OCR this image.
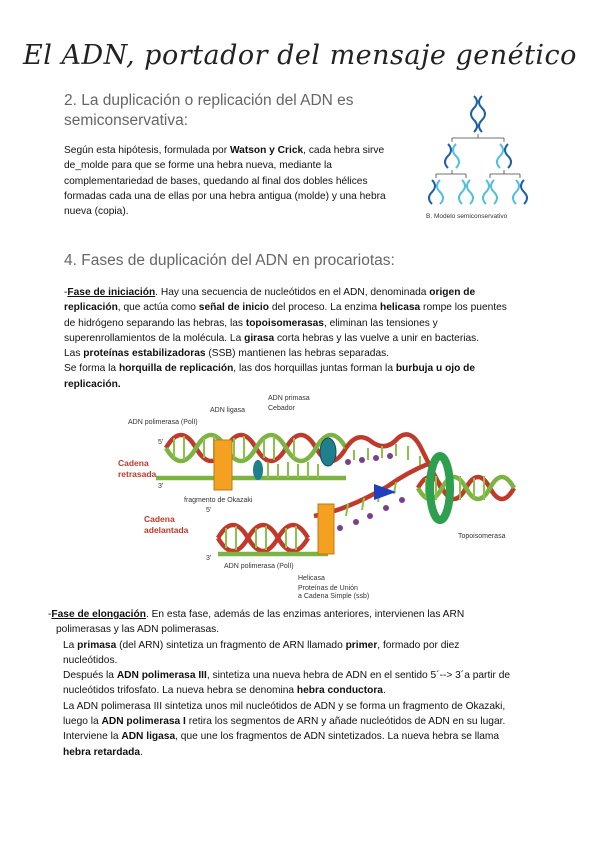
El ADN, portador del mensaje genético
2. La duplicación o replicación del ADN es
semiconservativa:
Según esta hipótesis, formulada por Watson y Crick, cada hebra sirve
de_molde para que se forme una hebra nueva, mediante la
complementariedad de bases, quedando al final dos dobles hélices
formadas cada una de ellas por una hebra antigua (molde) y una hebra
nueva (copia).	B. Modelo semiconservativo
4. Fases de duplicación del ADN en procariotas:
-Fase de iniciación. Hay una secuencia de nucleótidos en el ADN, denominada origen de
replicación, que actúa como señal de inicio del proceso. La enzima helicasa rompe los puentes
de hidrógeno separando las hebras, las topoisomerasas, eliminan las tensiones y
superenrollamientos de la molécula. La girasa corta hebras y las vuelve a unir en bacterias.
Las proteínas estabilizadoras (SSB) mantienen las hebras separadas.
Se forma la horquilla de replicación, las dos horquillas juntas forman la burbuja u ojo de
replicación.
ADN ligasa
ADN primasa
Cebador
ADN polimerasa (PolI)
Cadena
retrasada
5'
3'
fragmento de Okazaki
Cadena
adelantada
5'
3'
ADN polimerasa (PolI)
Helicasa
Proteínas de Unión
a Cadena Simple (ssb)
Topoisomerasa
-Fase de elongación. En esta fase, además de las enzimas anteriores, intervienen las ARN
polimerasas y las ADN polimerasas.
La primasa (del ARN) sintetiza un fragmento de ARN llamado primer, formado por diez
nucleótidos.
Después la ADN polimerasa III, sintetiza una nueva hebra de ADN en el sentido 5´--> 3´a partir de
nucleótidos trifosfato. La nueva hebra se denomina hebra conductora.
La ADN polimerasa III sintetiza unos mil nucleótidos de ADN y se forma un fragmento de Okazaki,
luego la ADN polimerasa I retira los segmentos de ARN y añade nucleótidos de ADN en su lugar.
Interviene la ADN ligasa, que une los fragmentos de ADN sintetizados. La nueva hebra se llama
hebra retardada.
